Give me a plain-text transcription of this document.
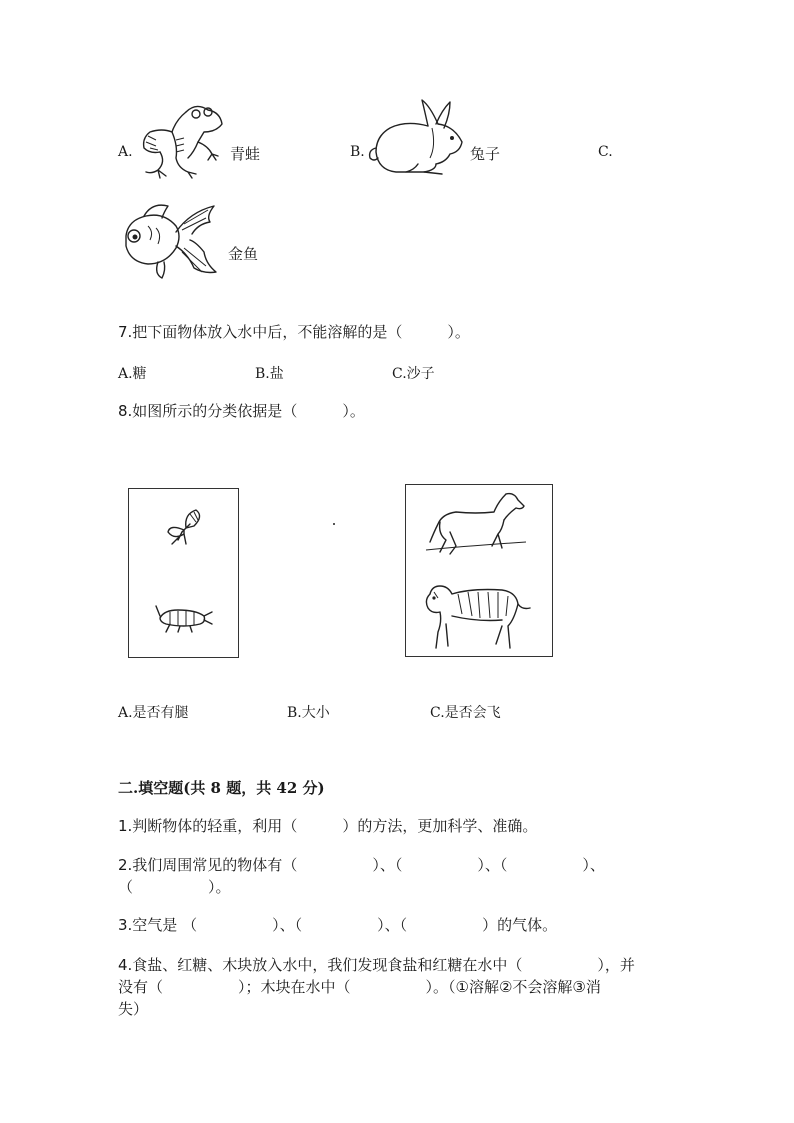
A.	青蛙	B.	兔子	C.
金鱼
7.把下面物体放入水中后，不能溶解的是（　　　）。
A.糖	B.盐	C.沙子
8.如图所示的分类依据是（　　　）。
A.是否有腿	B.大小	C.是否会飞
二.填空题(共 8 题，共 42 分)
1.判断物体的轻重，利用（　　　）的方法，更加科学、准确。
2.我们周围常见的物体有（　　　　　）、（　　　　　）、（　　　　　）、
（　　　　　）。
3.空气是 （　　　　　）、（　　　　　）、（　　　　　）的气体。
4.食盐、红糖、木块放入水中，我们发现食盐和红糖在水中（　　　　　），并
没有（　　　　　）；木块在水中（　　　　　）。（①溶解②不会溶解③消
失）
